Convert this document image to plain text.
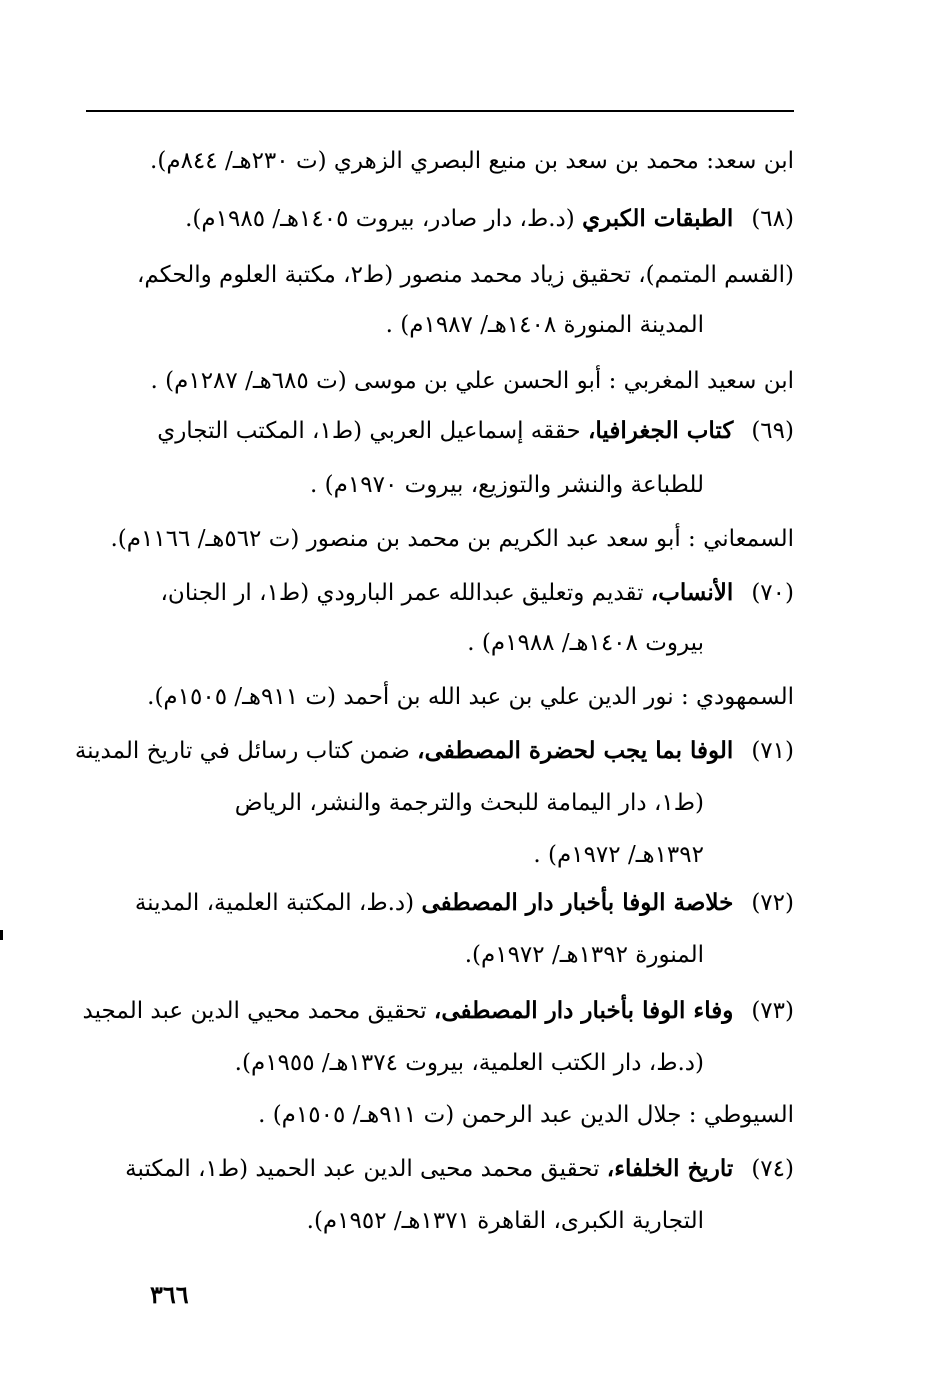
ابن سعد: محمد بن سعد بن منيع البصري الزهري (ت ٢٣٠هـ/ ٨٤٤م).
(٦٨)الطبقات الكبري (د.ط، دار صادر، بيروت ١٤٠٥هـ/ ١٩٨٥م).
(القسم المتمم)، تحقيق زياد محمد منصور (ط٢، مكتبة العلوم والحكم،
المدينة المنورة ١٤٠٨هـ/ ١٩٨٧م) .
ابن سعيد المغربي : أبو الحسن علي بن موسى (ت ٦٨٥هـ/ ١٢٨٧م) .
(٦٩)كتاب الجغرافيا، حققه إسماعيل العربي (ط١، المكتب التجاري
للطباعة والنشر والتوزيع، بيروت ١٩٧٠م) .
السمعاني : أبو سعد عبد الكريم بن محمد بن منصور (ت ٥٦٢هـ/ ١١٦٦م).
(٧٠)الأنساب، تقديم وتعليق عبدالله عمر البارودي (ط١، ار الجنان،
بيروت ١٤٠٨هـ/ ١٩٨٨م) .
السمهودي : نور الدين علي بن عبد الله بن أحمد (ت ٩١١هـ/ ١٥٠٥م).
(٧١)الوفا بما يجب لحضرة المصطفى، ضمن كتاب رسائل في تاريخ المدينة
(ط١، دار اليمامة للبحث والترجمة والنشر، الرياض
١٣٩٢هـ/ ١٩٧٢م) .
(٧٢)خلاصة الوفا بأخبار دار المصطفى (د.ط، المكتبة العلمية، المدينة
المنورة ١٣٩٢هـ/ ١٩٧٢م).
(٧٣)وفاء الوفا بأخبار دار المصطفى، تحقيق محمد محيي الدين عبد المجيد
(د.ط، دار الكتب العلمية، بيروت ١٣٧٤هـ/ ١٩٥٥م).
السيوطي : جلال الدين عبد الرحمن (ت ٩١١هـ/ ١٥٠٥م) .
(٧٤)تاريخ الخلفاء، تحقيق محمد محيى الدين عبد الحميد (ط١، المكتبة
التجارية الكبرى، القاهرة ١٣٧١هـ/ ١٩٥٢م).
٣٦٦
